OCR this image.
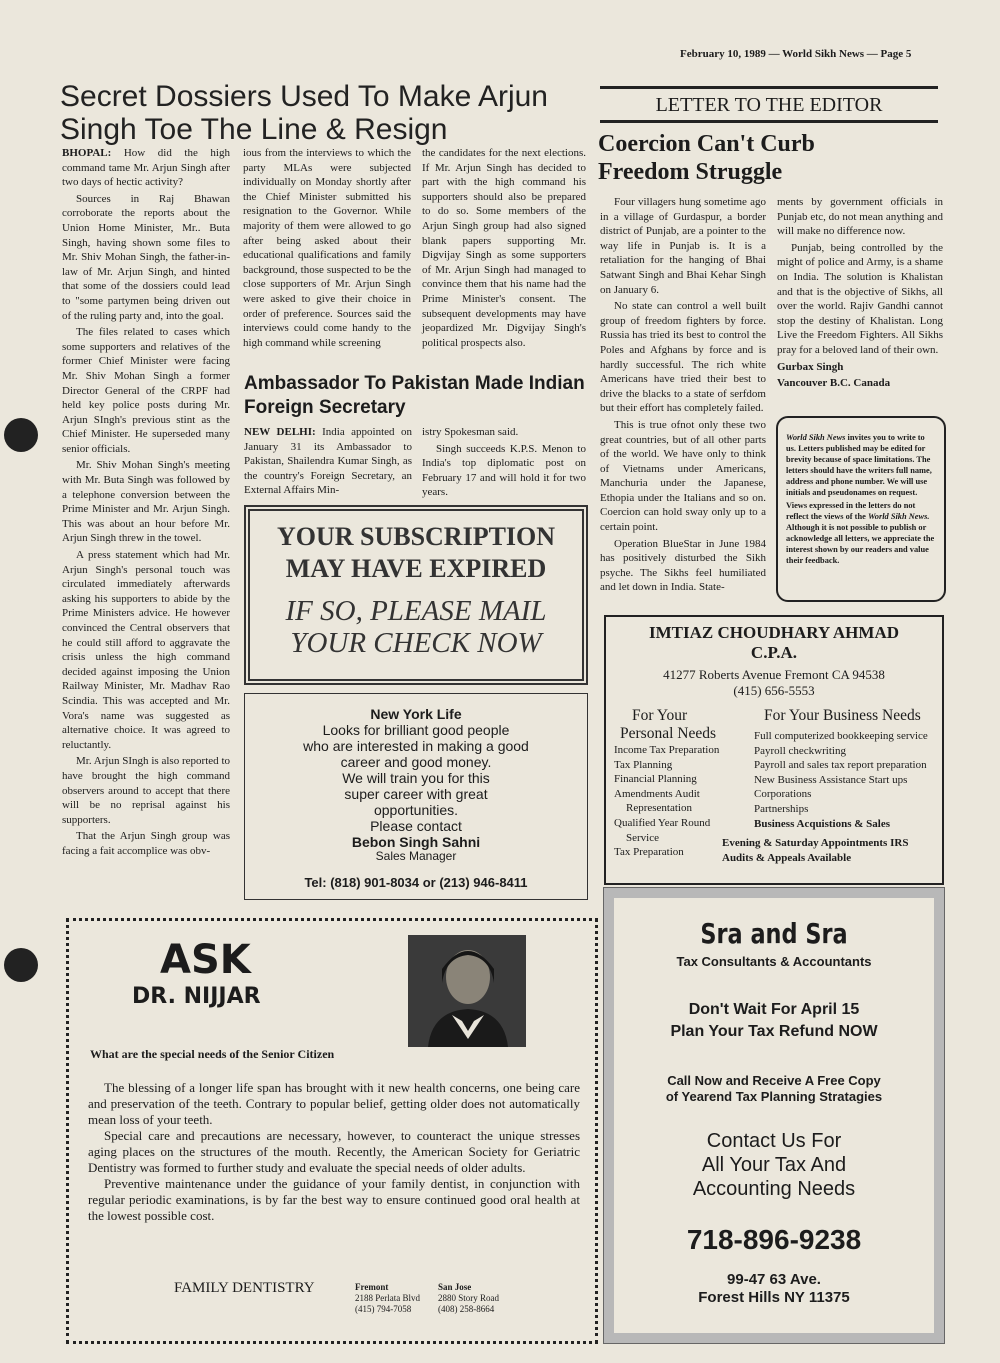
February 10, 1989 — World Sikh News — Page 5
Secret Dossiers Used To Make Arjun Singh Toe The Line & Resign

BHOPAL: How did the high command tame Mr. Arjun Singh after two days of hectic activity?

Sources in Raj Bhawan corroborate the reports about the Union Home Minister, Mr.. Buta Singh, having shown some files to Mr. Shiv Mohan Singh, the father-in-law of Mr. Arjun Singh, and hinted that some of the dossiers could lead to "some partymen being driven out of the ruling party and, into the goal.

The files related to cases which some supporters and relatives of the former Chief Minister were facing Mr. Shiv Mohan Singh a former Director General of the CRPF had held key police posts during Mr. Arjun SIngh's previous stint as the Chief Minister. He superseded many senior officials.

Mr. Shiv Mohan Singh's meeting with Mr. Buta Singh was followed by a telephone conversion between the Prime Minister and Mr. Arjun Singh. This was about an hour before Mr. Arjun Singh threw in the towel.

A press statement which had Mr. Arjun Singh's personal touch was circulated immediately afterwards asking his supporters to abide by the Prime Ministers advice. He however convinced the Central observers that he could still afford to aggravate the crisis unless the high command decided against imposing the Union Railway Minister, Mr. Madhav Rao Scindia. This was accepted and Mr. Vora's name was suggested as alternative choice. It was agreed to reluctantly.

Mr. Arjun SIngh is also reported to have brought the high command observers around to accept that there will be no reprisal against his supporters.

That the Arjun Singh group was facing a fait accomplice was obv-

ious from the interviews to which the party MLAs were subjected individually on Monday shortly after the Chief Minister submitted his resignation to the Governor. While majority of them were allowed to go after being asked about their educational qualifications and family background, those suspected to be the close supporters of Mr. Arjun Singh were asked to give their choice in order of preference. Sources said the interviews could come handy to the high command while screening

the candidates for the next elections. If Mr. Arjun Singh has decided to part with the high command his supporters should also be prepared to do so. Some members of the Arjun Singh group had also signed blank papers supporting Mr. Digvijay Singh as some supporters of Mr. Arjun Singh had managed to convince them that his name had the Prime Minister's consent. The subsequent developments may have jeopardized Mr. Digvijay Singh's political prospects also.

Ambassador To Pakistan Made Indian Foreign Secretary

NEW DELHI: India appointed on January 31 its Ambassador to Pakistan, Shailendra Kumar Singh, as the country's Foreign Secretary, an External Affairs Min-

istry Spokesman said.

Singh succeeds K.P.S. Menon to India's top diplomatic post on February 17 and will hold it for two years.

YOUR SUBSCRIPTION
MAY HAVE EXPIRED
IF SO, PLEASE MAIL
YOUR CHECK NOW
New York Life
Looks for brilliant good people
who are interested in making a good
career and good money.
We will train you for this
super career with great
opportunities.
Please contact
Bebon Singh Sahni
Sales Manager
Tel: (818) 901-8034 or (213) 946-8411
LETTER TO THE EDITOR
Coercion Can't Curb Freedom Struggle

Four villagers hung sometime ago in a village of Gurdaspur, a border district of Punjab, are a pointer to the way life in Punjab is. It is a retaliation for the hanging of Bhai Satwant Singh and Bhai Kehar Singh on January 6.

No state can control a well built group of freedom fighters by force. Russia has tried its best to control the Poles and Afghans by force and is hardly successful. The rich white Americans have tried their best to drive the blacks to a state of serfdom but their effort has completely failed.

This is true ofnot only these two great countries, but of all other parts of the world. We have only to think of Vietnams under Americans, Manchuria under the Japanese, Ethopia under the Italians and so on. Coercion can hold sway only up to a certain point.

Operation BlueStar in June 1984 has positively disturbed the Sikh psyche. The Sikhs feel humiliated and let down in India. State-

ments by government officials in Punjab etc, do not mean anything and will make no difference now.

Punjab, being controlled by the might of police and Army, is a shame on India. The solution is Khalistan and that is the objective of Sikhs, all over the world. Rajiv Gandhi cannot stop the destiny of Khalistan. Long Live the Freedom Fighters. All Sikhs pray for a beloved land of their own.

Gurbax Singh

Vancouver B.C. Canada

World Sikh News invites you to write to us. Letters published may be edited for brevity because of space limitations. The letters should have the writers full name, address and phone number. We will use initials and pseudonames on request.
Views expressed in the letters do not reflect the views of the World Sikh News. Although it is not possible to publish or acknowledge all letters, we appreciate the interest shown by our readers and value their feedback.
IMTIAZ CHOUDHARY AHMAD
C.P.A.
41277 Roberts Avenue Fremont CA 94538
(415) 656-5553
For Your
Personal Needs
Income Tax Preparation
Tax Planning
Financial Planning
Amendments Audit
Representation
Qualified Year Round
Service
Tax Preparation
For Your Business Needs
Full computerized bookkeeping service
Payroll checkwriting
Payroll and sales tax report preparation
New Business Assistance Start ups
Corporations
Partnerships
Business Acquistions & Sales
Evening & Saturday Appointments IRS
Audits & Appeals Available
Sra and Sra
Tax Consultants & Accountants
Don't Wait For April 15
Plan Your Tax Refund NOW
Call Now and Receive A Free Copy
of Yearend Tax Planning Stratagies
Contact Us For
All Your Tax And
Accounting Needs
718-896-9238
99-47 63 Ave.
Forest Hills NY 11375
ASK
DR. NIJJAR
What are the special needs of the Senior Citizen

The blessing of a longer life span has brought with it new health concerns, one being care and preservation of the teeth. Contrary to popular belief, getting older does not automatically mean loss of your teeth.

Special care and precautions are necessary, however, to counteract the unique stresses aging places on the structures of the mouth. Recently, the American Society for Geriatric Dentistry was formed to further study and evaluate the special needs of older adults.

Preventive maintenance under the guidance of your family dentist, in conjunction with regular periodic examinations, is by far the best way to ensure continued good oral health at the lowest possible cost.

FAMILY DENTISTRY	Fremont
2188 Perlata Blvd
(415) 794-7058
San Jose
2880 Story Road
(408) 258-8664
